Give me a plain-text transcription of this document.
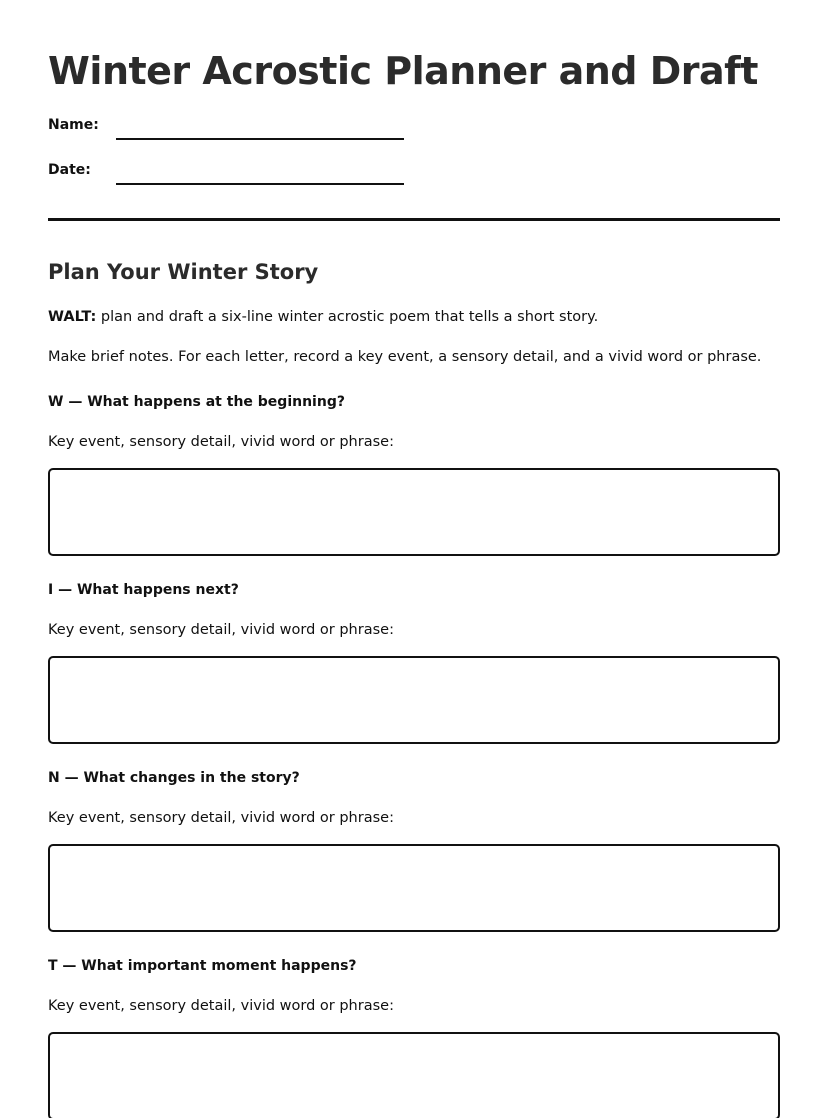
Winter Acrostic Planner and Draft
Name:
Date:
Plan Your Winter Story

WALT: plan and draft a six-line winter acrostic poem that tells a short story.

Make brief notes. For each letter, record a key event, a sensory detail, and a vivid word or phrase.

W — What happens at the beginning?
Key event, sensory detail, vivid word or phrase:
I — What happens next?
Key event, sensory detail, vivid word or phrase:
N — What changes in the story?
Key event, sensory detail, vivid word or phrase:
T — What important moment happens?
Key event, sensory detail, vivid word or phrase:
